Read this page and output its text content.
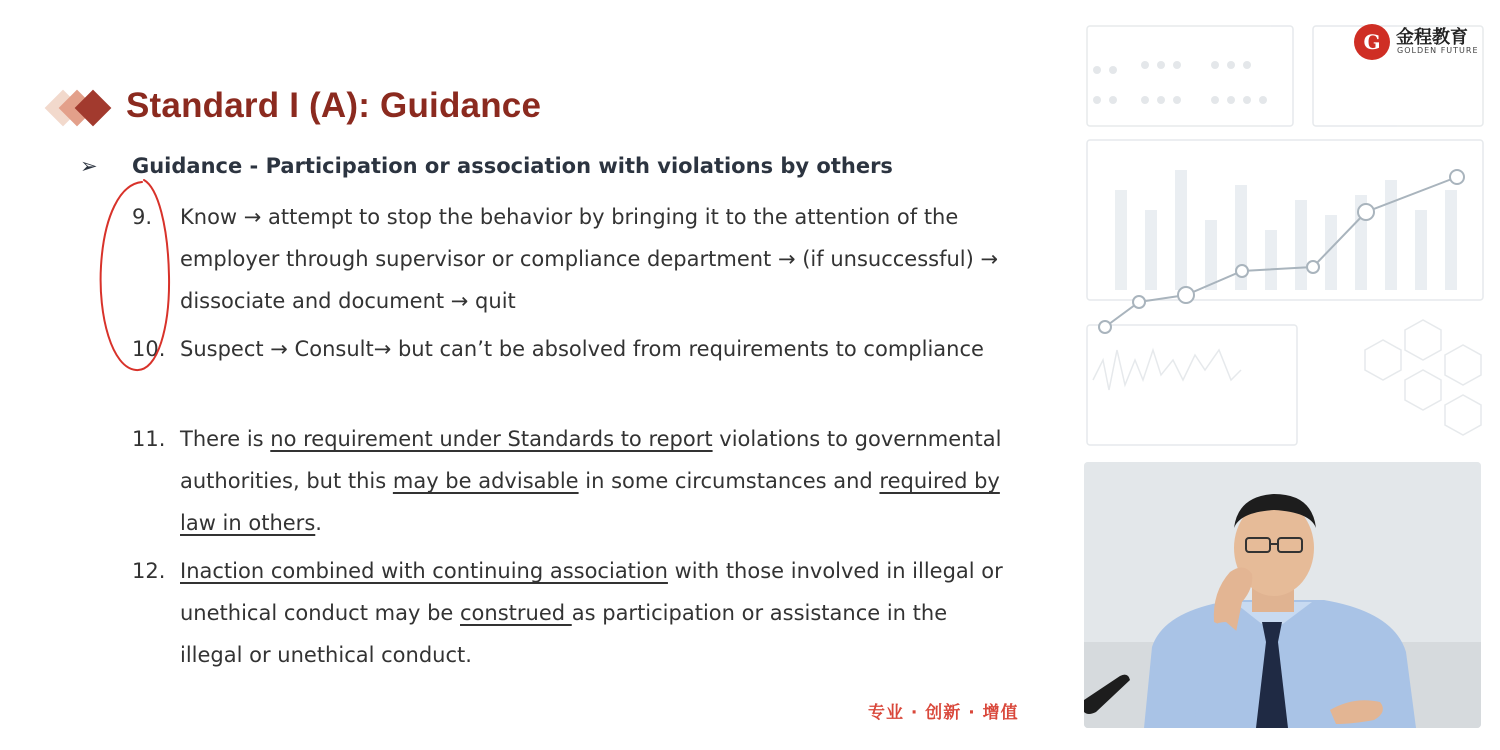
Standard I (A): Guidance
➢ Guidance - Participation or association with violations by others
9.	Know → attempt to stop the behavior by bringing it to the attention of the employer through supervisor or compliance department → (if unsuccessful) → dissociate and document → quit
10. Suspect → Consult→ but can’t be absolved from requirements to compliance
11. There is no requirement under Standards to report violations to governmental authorities, but this may be advisable in some circumstances and required by law in others.
12. Inaction combined with continuing association with those involved in illegal or unethical conduct may be construed as participation or assistance in the illegal or unethical conduct.
专业 · 创新 · 增值
G 金程教育
GOLDEN FUTURE
